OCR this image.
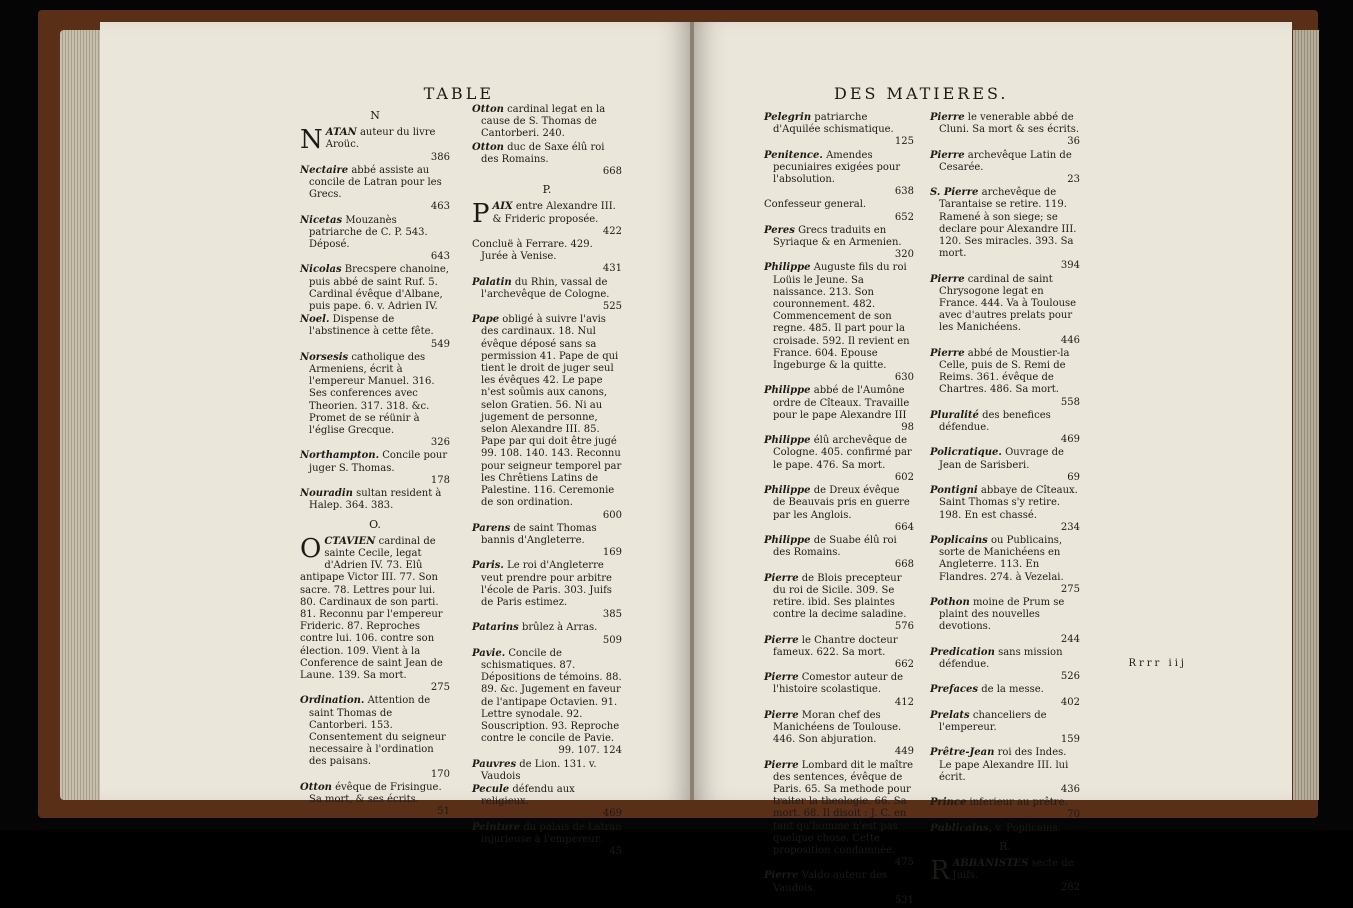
TABLE
N
NATAN auteur du livre Aroüc.
386
Nectaire abbé assiste au concile de Latran pour les Grecs.
463
Nicetas Mouzanès patriarche de C. P. 543. Déposé.
643
Nicolas Brecspere chanoine, puis abbé de saint Ruf. 5. Cardinal évêque d'Albane, puis pape. 6. v. Adrien IV.
Noel. Dispense de l'abstinence à cette fête.
549
Norsesis catholique des Armeniens, écrit à l'empereur Manuel. 316. Ses conferences avec Theorien. 317. 318. &c. Promet de se réünir à l'église Grecque.
326
Northampton. Concile pour juger S. Thomas.
178
Nouradin sultan resident à Halep. 364. 383.
O.
OCTAVIEN cardinal de sainte Cecile, legat d'Adrien IV. 73. Elû antipape Victor III. 77. Son sacre. 78. Lettres pour lui. 80. Cardinaux de son parti. 81. Reconnu par l'empereur Frideric. 87. Reproches contre lui. 106. contre son élection. 109. Vient à la Conference de saint Jean de Laune. 139. Sa mort.
275
Ordination. Attention de saint Thomas de Cantorberi. 153. Consentement du seigneur necessaire à l'ordination des paisans.
170
Otton évêque de Frisingue. Sa mort, & ses écrits.
51
Otton cardinal legat en la cause de S. Thomas de Cantorberi. 240.
Otton duc de Saxe élû roi des Romains.
668
P.
PAIX entre Alexandre III. & Frideric proposée.
422
Concluë à Ferrare. 429. Jurée à Venise.
431
Palatin du Rhin, vassal de l'archevêque de Cologne.
525
Pape obligé à suivre l'avis des cardinaux. 18. Nul évêque déposé sans sa permission 41. Pape de qui tient le droit de juger seul les évêques 42. Le pape n'est soûmis aux canons, selon Gratien. 56. Ni au jugement de personne, selon Alexandre III. 85. Pape par qui doit être jugé 99. 108. 140. 143. Reconnu pour seigneur temporel par les Chrêtiens Latins de Palestine. 116. Ceremonie de son ordination.
600
Parens de saint Thomas bannis d'Angleterre.
169
Paris. Le roi d'Angleterre veut prendre pour arbitre l'école de Paris. 303. Juifs de Paris estimez.
385
Patarins brûlez à Arras.
509
Pavie. Concile de schismatiques. 87. Dépositions de témoins. 88. 89. &c. Jugement en faveur de l'antipape Octavien. 91. Lettre synodale. 92. Souscription. 93. Reproche contre le concile de Pavie.
99. 107. 124
Pauvres de Lion. 131. v. Vaudois
Pecule défendu aux religieux.
469
Peinture du palais de Latran injurieuse à l'empereur.
45
DES MATIERES.
Pelegrin patriarche d'Aquilée schismatique.
125
Penitence. Amendes pecuniaires exigées pour l'absolution.
638
Confesseur general.
652
Peres Grecs traduits en Syriaque & en Armenien.
320
Philippe Auguste fils du roi Loüis le Jeune. Sa naissance. 213. Son couronnement. 482. Commencement de son regne. 485. Il part pour la croisade. 592. Il revient en France. 604. Epouse Ingeburge & la quitte.
630
Philippe abbé de l'Aumône ordre de Cîteaux. Travaille pour le pape Alexandre III
98
Philippe élû archevêque de Cologne. 405. confirmé par le pape. 476. Sa mort.
602
Philippe de Dreux évêque de Beauvais pris en guerre par les Anglois.
664
Philippe de Suabe élû roi des Romains.
668
Pierre de Blois precepteur du roi de Sicile. 309. Se retire. ibid. Ses plaintes contre la decime saladine.
576
Pierre le Chantre docteur fameux. 622. Sa mort.
662
Pierre Comestor auteur de l'histoire scolastique.
412
Pierre Moran chef des Manichéens de Toulouse. 446. Son abjuration.
449
Pierre Lombard dit le maître des sentences, évêque de Paris. 65. Sa methode pour traiter la theologie. 66. Sa mort. 68. Il disoit : J. C. en tant qu'homme n'est pas quelque chose. Cette proposition condamnée.
475
Pierre Valdo auteur des Vaudois.
531
Pierre le venerable abbé de Cluni. Sa mort & ses écrits.
36
Pierre archevêque Latin de Cesarée.
23
S. Pierre archevêque de Tarantaise se retire. 119. Ramené à son siege; se declare pour Alexandre III. 120. Ses miracles. 393. Sa mort.
394
Pierre cardinal de saint Chrysogone legat en France. 444. Va à Toulouse avec d'autres prelats pour les Manichéens.
446
Pierre abbé de Moustier-la Celle, puis de S. Remi de Reims. 361. évêque de Chartres. 486. Sa mort.
558
Pluralité des benefices défendue.
469
Policratique. Ouvrage de Jean de Sarisberi.
69
Pontigni abbaye de Cîteaux. Saint Thomas s'y retire. 198. En est chassé.
234
Poplicains ou Publicains, sorte de Manichéens en Angleterre. 113. En Flandres. 274. à Vezelai.
275
Pothon moine de Prum se plaint des nouvelles devotions.
244
Predication sans mission défendue.
526
Prefaces de la messe.
402
Prelats chanceliers de l'empereur.
159
Prêtre-Jean roi des Indes. Le pape Alexandre III. lui écrit.
436
Prince inferieur au prêtre.
70
Publicains, v. Poplicains.
R.
RABBANISTES secte de Juifs.
282
Rrrr iij
